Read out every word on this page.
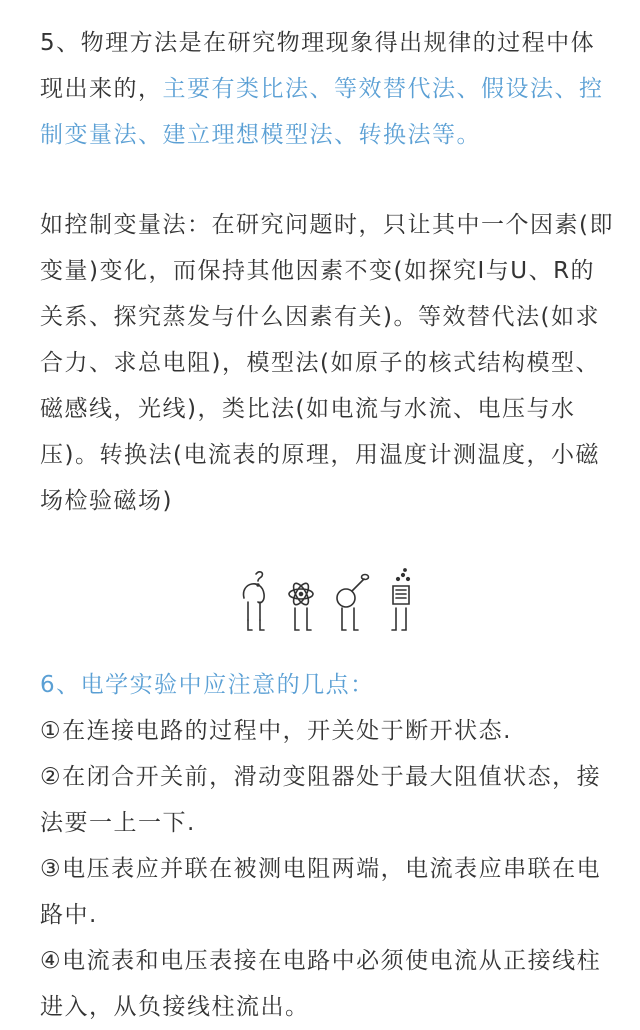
5、物理方法是在研究物理现象得出规律的过程中体现出来的，主要有类比法、等效替代法、假设法、控制变量法、建立理想模型法、转换法等。

如控制变量法：在研究问题时，只让其中一个因素(即变量)变化，而保持其他因素不变(如探究I与U、R的关系、探究蒸发与什么因素有关)。等效替代法(如求合力、求总电阻)，模型法(如原子的核式结构模型、磁感线，光线)，类比法(如电流与水流、电压与水压)。转换法(电流表的原理，用温度计测温度，小磁场检验磁场)

6、电学实验中应注意的几点：

①在连接电路的过程中，开关处于断开状态.

②在闭合开关前，滑动变阻器处于最大阻值状态，接法要一上一下.

③电压表应并联在被测电阻两端，电流表应串联在电路中.

④电流表和电压表接在电路中必须使电流从正接线柱进入，从负接线柱流出。
